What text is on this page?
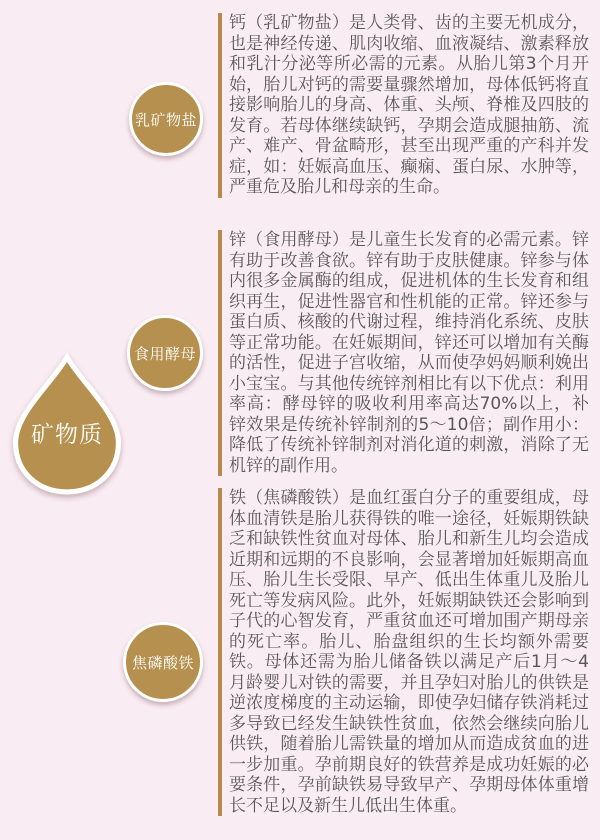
矿物质
乳矿物盐
食用酵母
焦磷酸铁

钙（乳矿物盐）是人类骨、齿的主要无机成分，也是神经传递、肌肉收缩、血液凝结、激素释放和乳汁分泌等所必需的元素。从胎儿第3个月开始，胎儿对钙的需要量骤然增加，母体低钙将直接影响胎儿的身高、体重、头颅、脊椎及四肢的发育。若母体继续缺钙，孕期会造成腿抽筋、流产、难产、骨盆畸形，甚至出现严重的产科并发症，如：妊娠高血压、癫痫、蛋白尿、水肿等，严重危及胎儿和母亲的生命。

锌（食用酵母）是儿童生长发育的必需元素。锌有助于改善食欲。锌有助于皮肤健康。锌参与体内很多金属酶的组成，促进机体的生长发育和组织再生，促进性器官和性机能的正常。锌还参与蛋白质、核酸的代谢过程，维持消化系统、皮肤等正常功能。在妊娠期间，锌还可以增加有关酶的活性，促进子宫收缩，从而使孕妈妈顺利娩出小宝宝。与其他传统锌剂相比有以下优点：利用率高：酵母锌的吸收利用率高达70%以上，补锌效果是传统补锌制剂的5～10倍；副作用小：降低了传统补锌制剂对消化道的刺激，消除了无机锌的副作用。

铁（焦磷酸铁）是血红蛋白分子的重要组成，母体血清铁是胎儿获得铁的唯一途径，妊娠期铁缺乏和缺铁性贫血对母体、胎儿和新生儿均会造成近期和远期的不良影响，会显著增加妊娠期高血压、胎儿生长受限、早产、低出生体重儿及胎儿死亡等发病风险。此外，妊娠期缺铁还会影响到子代的心智发育，严重贫血还可增加围产期母亲的死亡率。胎儿、胎盘组织的生长均额外需要铁。母体还需为胎儿储备铁以满足产后1月～4月龄婴儿对铁的需要，并且孕妇对胎儿的供铁是逆浓度梯度的主动运输，即使孕妇储存铁消耗过多导致已经发生缺铁性贫血，依然会继续向胎儿供铁，随着胎儿需铁量的增加从而造成贫血的进一步加重。孕前期良好的铁营养是成功妊娠的必要条件，孕前缺铁易导致早产、孕期母体体重增长不足以及新生儿低出生体重。
